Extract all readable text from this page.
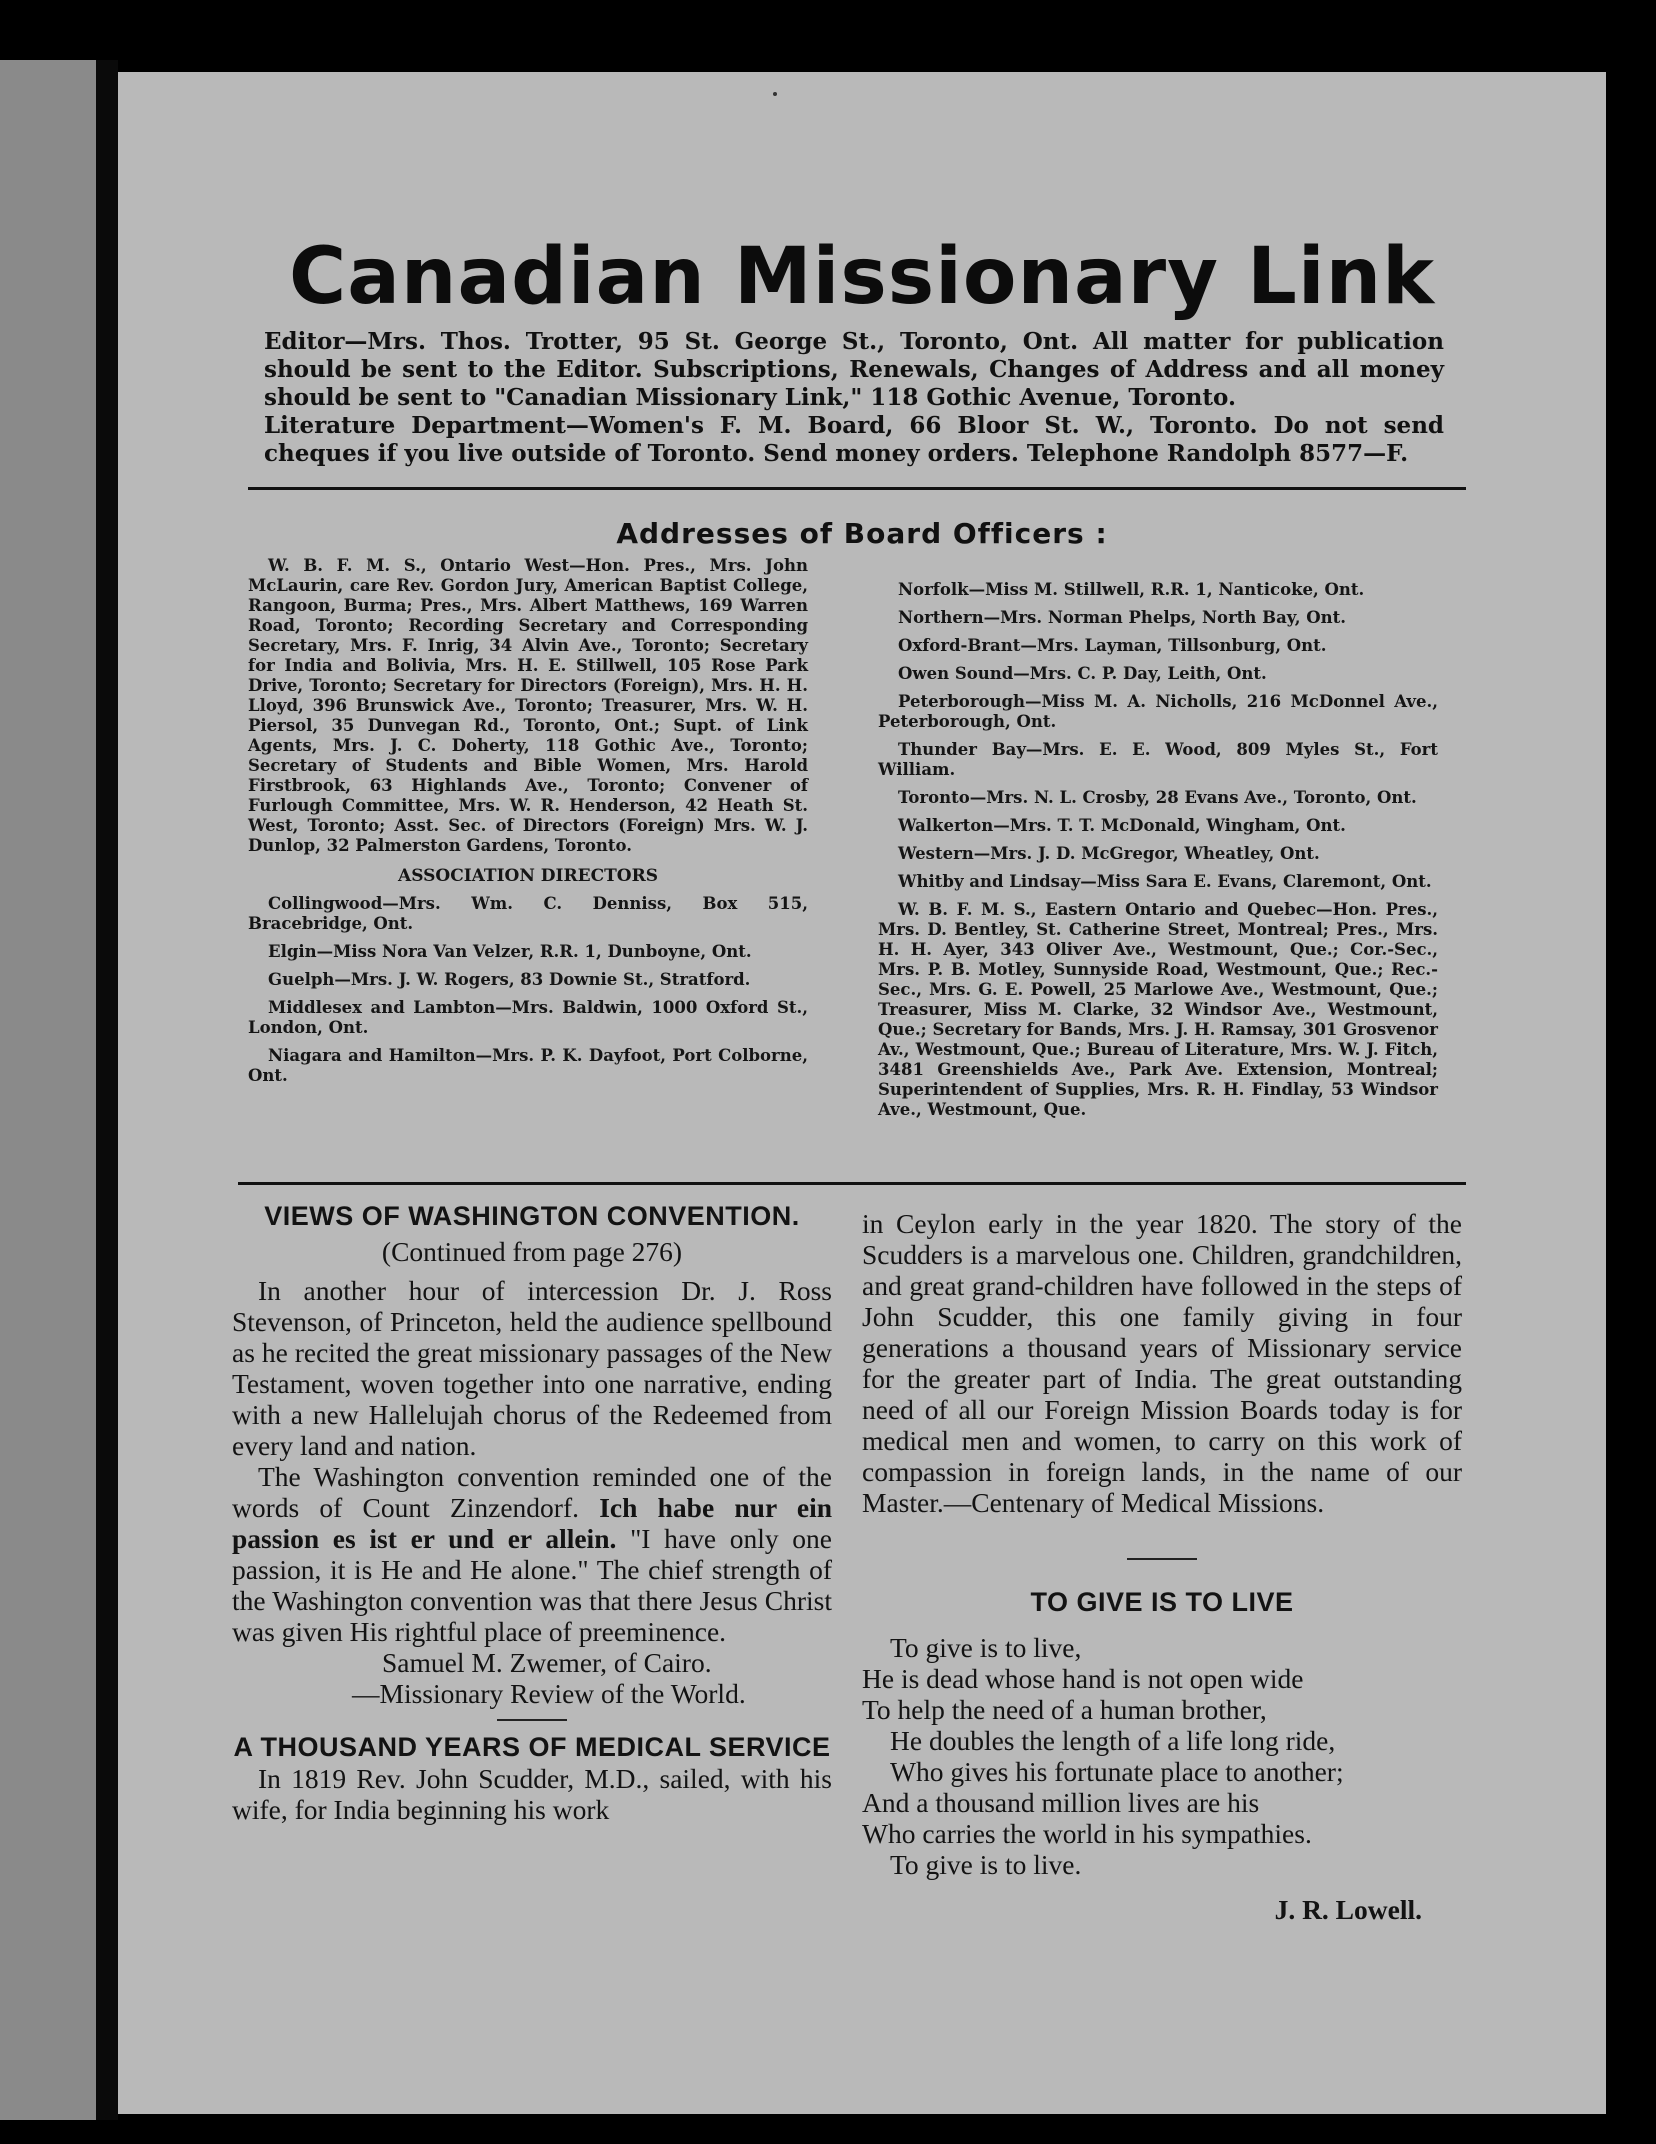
Canadian Missionary Link

Editor—Mrs. Thos. Trotter, 95 St. George St., Toronto, Ont. All matter for publication should be sent to the Editor. Subscriptions, Renewals, Changes of Address and all money should be sent to "Canadian Missionary Link," 118 Gothic Avenue, Toronto.

Literature Department—Women's F. M. Board, 66 Bloor St. W., Toronto. Do not send cheques if you live outside of Toronto. Send money orders. Telephone Randolph 8577—F.

Addresses of Board Officers :

W. B. F. M. S., Ontario West—Hon. Pres., Mrs. John McLaurin, care Rev. Gordon Jury, American Baptist College, Rangoon, Burma; Pres., Mrs. Albert Matthews, 169 Warren Road, Toronto; Recording Secretary and Corresponding Secretary, Mrs. F. Inrig, 34 Alvin Ave., Toronto; Secretary for India and Bolivia, Mrs. H. E. Stillwell, 105 Rose Park Drive, Toronto; Secretary for Directors (Foreign), Mrs. H. H. Lloyd, 396 Brunswick Ave., Toronto; Treasurer, Mrs. W. H. Piersol, 35 Dunvegan Rd., Toronto, Ont.; Supt. of Link Agents, Mrs. J. C. Doherty, 118 Gothic Ave., Toronto; Secretary of Students and Bible Women, Mrs. Harold Firstbrook, 63 Highlands Ave., Toronto; Convener of Furlough Committee, Mrs. W. R. Henderson, 42 Heath St. West, Toronto; Asst. Sec. of Directors (Foreign) Mrs. W. J. Dunlop, 32 Palmerston Gardens, Toronto.

ASSOCIATION DIRECTORS

Collingwood—Mrs. Wm. C. Denniss, Box 515, Bracebridge, Ont.

Elgin—Miss Nora Van Velzer, R.R. 1, Dunboyne, Ont.

Guelph—Mrs. J. W. Rogers, 83 Downie St., Stratford.

Middlesex and Lambton—Mrs. Baldwin, 1000 Oxford St., London, Ont.

Niagara and Hamilton—Mrs. P. K. Dayfoot, Port Colborne, Ont.

Norfolk—Miss M. Stillwell, R.R. 1, Nanticoke, Ont.

Northern—Mrs. Norman Phelps, North Bay, Ont.

Oxford-Brant—Mrs. Layman, Tillsonburg, Ont.

Owen Sound—Mrs. C. P. Day, Leith, Ont.

Peterborough—Miss M. A. Nicholls, 216 McDonnel Ave., Peterborough, Ont.

Thunder Bay—Mrs. E. E. Wood, 809 Myles St., Fort William.

Toronto—Mrs. N. L. Crosby, 28 Evans Ave., Toronto, Ont.

Walkerton—Mrs. T. T. McDonald, Wingham, Ont.

Western—Mrs. J. D. McGregor, Wheatley, Ont.

Whitby and Lindsay—Miss Sara E. Evans, Claremont, Ont.

W. B. F. M. S., Eastern Ontario and Quebec—Hon. Pres., Mrs. D. Bentley, St. Catherine Street, Montreal; Pres., Mrs. H. H. Ayer, 343 Oliver Ave., Westmount, Que.; Cor.-Sec., Mrs. P. B. Motley, Sunnyside Road, Westmount, Que.; Rec.-Sec., Mrs. G. E. Powell, 25 Marlowe Ave., Westmount, Que.; Treasurer, Miss M. Clarke, 32 Windsor Ave., Westmount, Que.; Secretary for Bands, Mrs. J. H. Ramsay, 301 Grosvenor Av., Westmount, Que.; Bureau of Literature, Mrs. W. J. Fitch, 3481 Greenshields Ave., Park Ave. Extension, Montreal; Superintendent of Supplies, Mrs. R. H. Findlay, 53 Windsor Ave., Westmount, Que.

VIEWS OF WASHINGTON CONVENTION.

(Continued from page 276)

In another hour of intercession Dr. J. Ross Stevenson, of Princeton, held the audience spellbound as he recited the great missionary passages of the New Testament, woven together into one narrative, ending with a new Hallelujah chorus of the Redeemed from every land and nation.

The Washington convention reminded one of the words of Count Zinzendorf. Ich habe nur ein passion es ist er und er allein. "I have only one passion, it is He and He alone." The chief strength of the Washington convention was that there Jesus Christ was given His rightful place of preeminence.

Samuel M. Zwemer, of Cairo.

—Missionary Review of the World.

A THOUSAND YEARS OF MEDICAL SERVICE

In 1819 Rev. John Scudder, M.D., sailed, with his wife, for India beginning his work

in Ceylon early in the year 1820. The story of the Scudders is a marvelous one. Children, grandchildren, and great grand-children have followed in the steps of John Scudder, this one family giving in four generations a thousand years of Missionary service for the greater part of India. The great outstanding need of all our Foreign Mission Boards today is for medical men and women, to carry on this work of compassion in foreign lands, in the name of our Master.—Centenary of Medical Missions.

TO GIVE IS TO LIVE

To give is to live,
He is dead whose hand is not open wide
To help the need of a human brother,
He doubles the length of a life long ride,
Who gives his fortunate place to another;
And a thousand million lives are his
Who carries the world in his sympathies.
To give is to live.

J. R. Lowell.
